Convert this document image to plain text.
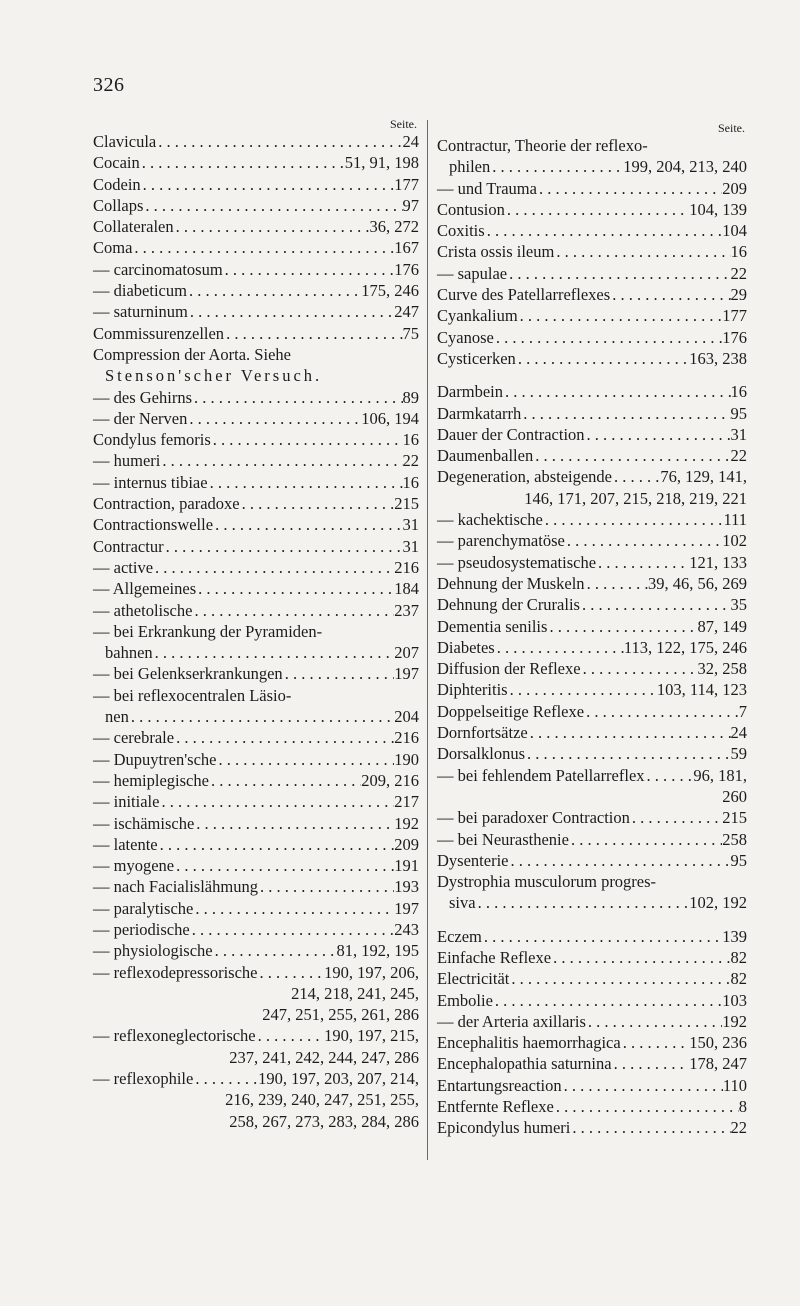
326
Seite.
Clavicula . . .	24
Cocain . . .	51, 91, 198
Codein . . .	177
Collaps . . .	97
Collateralen . . .	36, 272
Coma . . .	167
— carcinomatosum . . .	176
— diabeticum . . .	175, 246
— saturninum . . .	247
Commissurenzellen . . .	75
Compression der Aorta. Siehe
Stenson'scher Versuch.
— des Gehirns . . .	89
— der Nerven . . .	106, 194
Condylus femoris . . .	16
— humeri . . .	22
— internus tibiae . . .	16
Contraction, paradoxe . . .	215
Contractionswelle . . .	31
Contractur . . .	31
— active . . .	216
— Allgemeines . . .	184
— athetolische . . .	237
— bei Erkrankung der Pyramiden-
bahnen . . .	207
— bei Gelenkserkrankungen . . .	197
— bei reflexocentralen Läsio-
nen . . .	204
— cerebrale . . .	216
— Dupuytren'sche . . .	190
— hemiplegische . . .	209, 216
— initiale . . .	217
— ischämische . . .	192
— latente . . .	209
— myogene . . .	191
— nach Facialislähmung . . .	193
— paralytische . . .	197
— periodische . . .	243
— physiologische . . .	81, 192, 195
— reflexodepressorische . . .	190, 197, 206,
214, 218, 241, 245,
247, 251, 255, 261, 286
— reflexoneglectorische . . .	190, 197, 215,
237, 241, 242, 244, 247, 286
— reflexophile . . .	190, 197, 203, 207, 214,
216, 239, 240, 247, 251, 255,
258, 267, 273, 283, 284, 286
Seite.
Contractur, Theorie der reflexo-
philen . . .	199, 204, 213, 240
— und Trauma . . .	209
Contusion . . .	104, 139
Coxitis . . .	104
Crista ossis ileum . . .	16
— sapulae . . .	22
Curve des Patellarreflexes . . .	29
Cyankalium . . .	177
Cyanose . . .	176
Cysticerken . . .	163, 238
Darmbein . . .	16
Darmkatarrh . . .	95
Dauer der Contraction . . .	31
Daumenballen . . .	22
Degeneration, absteigende . . .	76, 129, 141,
146, 171, 207, 215, 218, 219, 221
— kachektische . . .	111
— parenchymatöse . . .	102
— pseudosystematische . . .	121, 133
Dehnung der Muskeln . . .	39, 46, 56, 269
Dehnung der Cruralis . . .	35
Dementia senilis . . .	87, 149
Diabetes . . .	113, 122, 175, 246
Diffusion der Reflexe . . .	32, 258
Diphteritis . . .	103, 114, 123
Doppelseitige Reflexe . . .	7
Dornfortsätze . . .	24
Dorsalklonus . . .	59
— bei fehlendem Patellarreflex . . .	96, 181,
260
— bei paradoxer Contraction . . .	215
— bei Neurasthenie . . .	258
Dysenterie . . .	95
Dystrophia musculorum progres-
siva . . .	102, 192
Eczem . . .	139
Einfache Reflexe . . .	82
Electricität . . .	82
Embolie . . .	103
— der Arteria axillaris . . .	192
Encephalitis haemorrhagica . . .	150, 236
Encephalopathia saturnina . . .	178, 247
Entartungsreaction . . .	110
Entfernte Reflexe . . .	8
Epicondylus humeri . . .	22
